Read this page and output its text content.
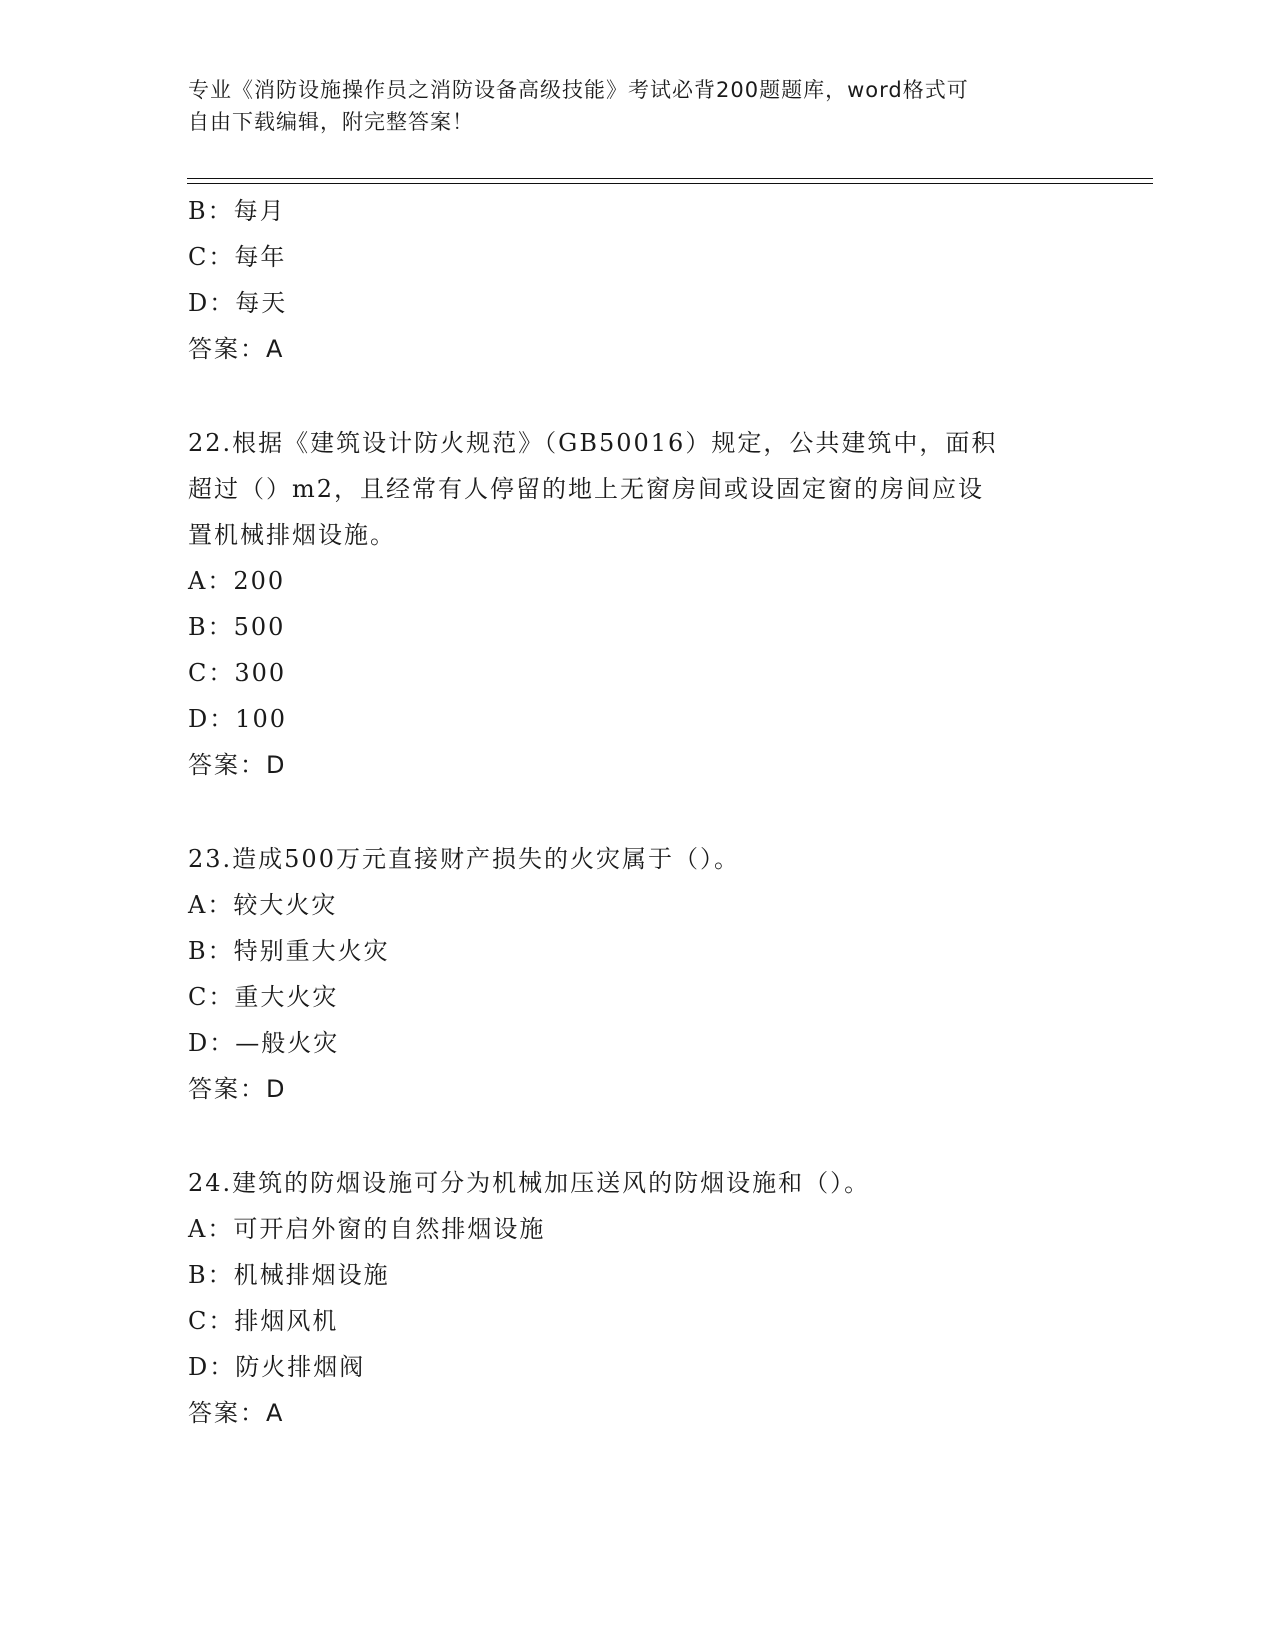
专业《消防设施操作员之消防设备高级技能》考试必背200题题库，word格式可
自由下载编辑，附完整答案！
B：每月
C：每年
D：每天
答案：A
22.根据《建筑设计防火规范》（GB50016）规定，公共建筑中，面积
超过（）m2，且经常有人停留的地上无窗房间或设固定窗的房间应设
置机械排烟设施。
A：200
B：500
C：300
D：100
答案：D
23.造成500万元直接财产损失的火灾属于（）。
A：较大火灾
B：特别重大火灾
C：重大火灾
D：—般火灾
答案：D
24.建筑的防烟设施可分为机械加压送风的防烟设施和（）。
A：可开启外窗的自然排烟设施
B：机械排烟设施
C：排烟风机
D：防火排烟阀
答案：A
